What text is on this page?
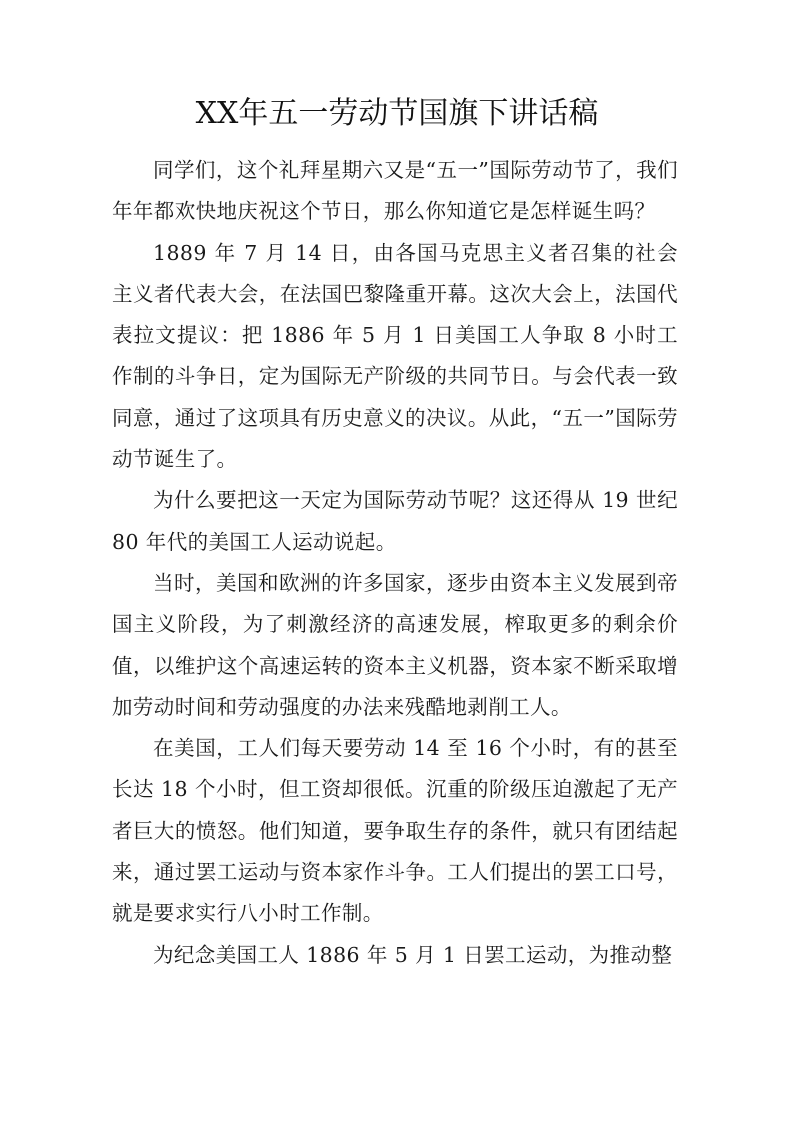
XX年五一劳动节国旗下讲话稿

同学们，这个礼拜星期六又是“五一”国际劳动节了，我们年年都欢快地庆祝这个节日，那么你知道它是怎样诞生吗？

1889 年 7 月 14 日，由各国马克思主义者召集的社会主义者代表大会，在法国巴黎隆重开幕。这次大会上，法国代表拉文提议：把 1886 年 5 月 1 日美国工人争取 8 小时工作制的斗争日，定为国际无产阶级的共同节日。与会代表一致同意，通过了这项具有历史意义的决议。从此，“五一”国际劳动节诞生了。

为什么要把这一天定为国际劳动节呢？这还得从 19 世纪 80 年代的美国工人运动说起。

当时，美国和欧洲的许多国家，逐步由资本主义发展到帝国主义阶段，为了刺激经济的高速发展，榨取更多的剩余价值，以维护这个高速运转的资本主义机器，资本家不断采取增加劳动时间和劳动强度的办法来残酷地剥削工人。

在美国，工人们每天要劳动 14 至 16 个小时，有的甚至长达 18 个小时，但工资却很低。沉重的阶级压迫激起了无产者巨大的愤怒。他们知道，要争取生存的条件，就只有团结起来，通过罢工运动与资本家作斗争。工人们提出的罢工口号，就是要求实行八小时工作制。

为纪念美国工人 1886 年 5 月 1 日罢工运动，为推动整
